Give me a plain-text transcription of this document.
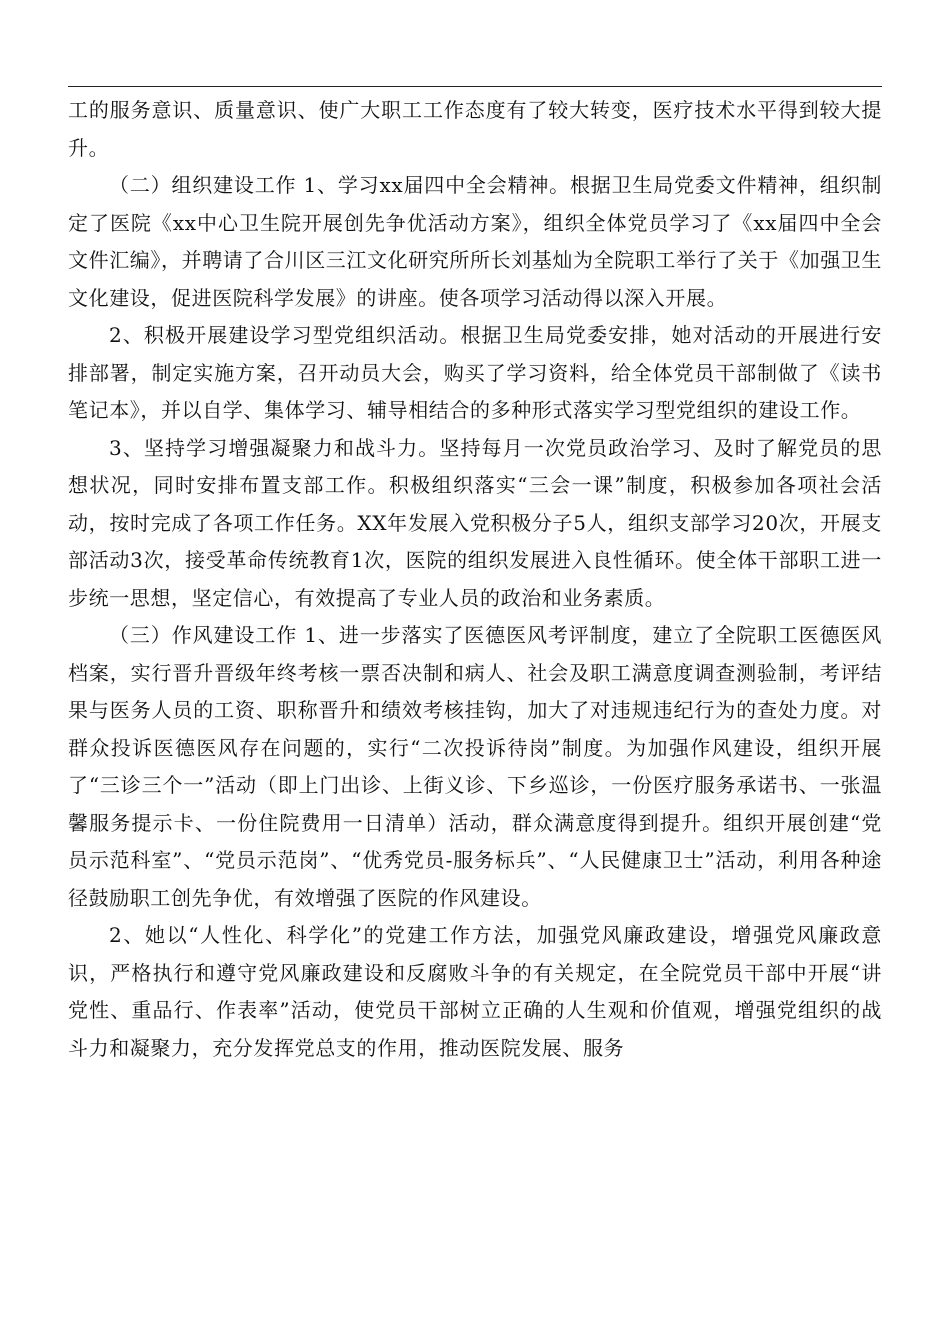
工的服务意识、质量意识、使广大职工工作态度有了较大转变，医疗技术水平得到较大提升。

（二）组织建设工作 1、学习xx届四中全会精神。根据卫生局党委文件精神，组织制定了医院《xx中心卫生院开展创先争优活动方案》，组织全体党员学习了《xx届四中全会文件汇编》，并聘请了合川区三江文化研究所所长刘基灿为全院职工举行了关于《加强卫生文化建设，促进医院科学发展》的讲座。使各项学习活动得以深入开展。

2、积极开展建设学习型党组织活动。根据卫生局党委安排，她对活动的开展进行安排部署，制定实施方案，召开动员大会，购买了学习资料，给全体党员干部制做了《读书笔记本》，并以自学、集体学习、辅导相结合的多种形式落实学习型党组织的建设工作。

3、坚持学习增强凝聚力和战斗力。坚持每月一次党员政治学习、及时了解党员的思想状况，同时安排布置支部工作。积极组织落实“三会一课”制度，积极参加各项社会活动，按时完成了各项工作任务。XX年发展入党积极分子5人，组织支部学习20次，开展支部活动3次，接受革命传统教育1次，医院的组织发展进入良性循环。使全体干部职工进一步统一思想，坚定信心，有效提高了专业人员的政治和业务素质。

（三）作风建设工作 1、进一步落实了医德医风考评制度，建立了全院职工医德医风档案，实行晋升晋级年终考核一票否决制和病人、社会及职工满意度调查测验制，考评结果与医务人员的工资、职称晋升和绩效考核挂钩，加大了对违规违纪行为的查处力度。对群众投诉医德医风存在问题的，实行“二次投诉待岗”制度。为加强作风建设，组织开展了“三诊三个一”活动（即上门出诊、上街义诊、下乡巡诊，一份医疗服务承诺书、一张温馨服务提示卡、一份住院费用一日清单）活动，群众满意度得到提升。组织开展创建“党员示范科室”、“党员示范岗”、“优秀党员-服务标兵”、“人民健康卫士”活动，利用各种途径鼓励职工创先争优，有效增强了医院的作风建设。

2、她以“人性化、科学化”的党建工作方法，加强党风廉政建设，增强党风廉政意识，严格执行和遵守党风廉政建设和反腐败斗争的有关规定，在全院党员干部中开展“讲党性、重品行、作表率”活动，使党员干部树立正确的人生观和价值观，增强党组织的战斗力和凝聚力，充分发挥党总支的作用，推动医院发展、服务
